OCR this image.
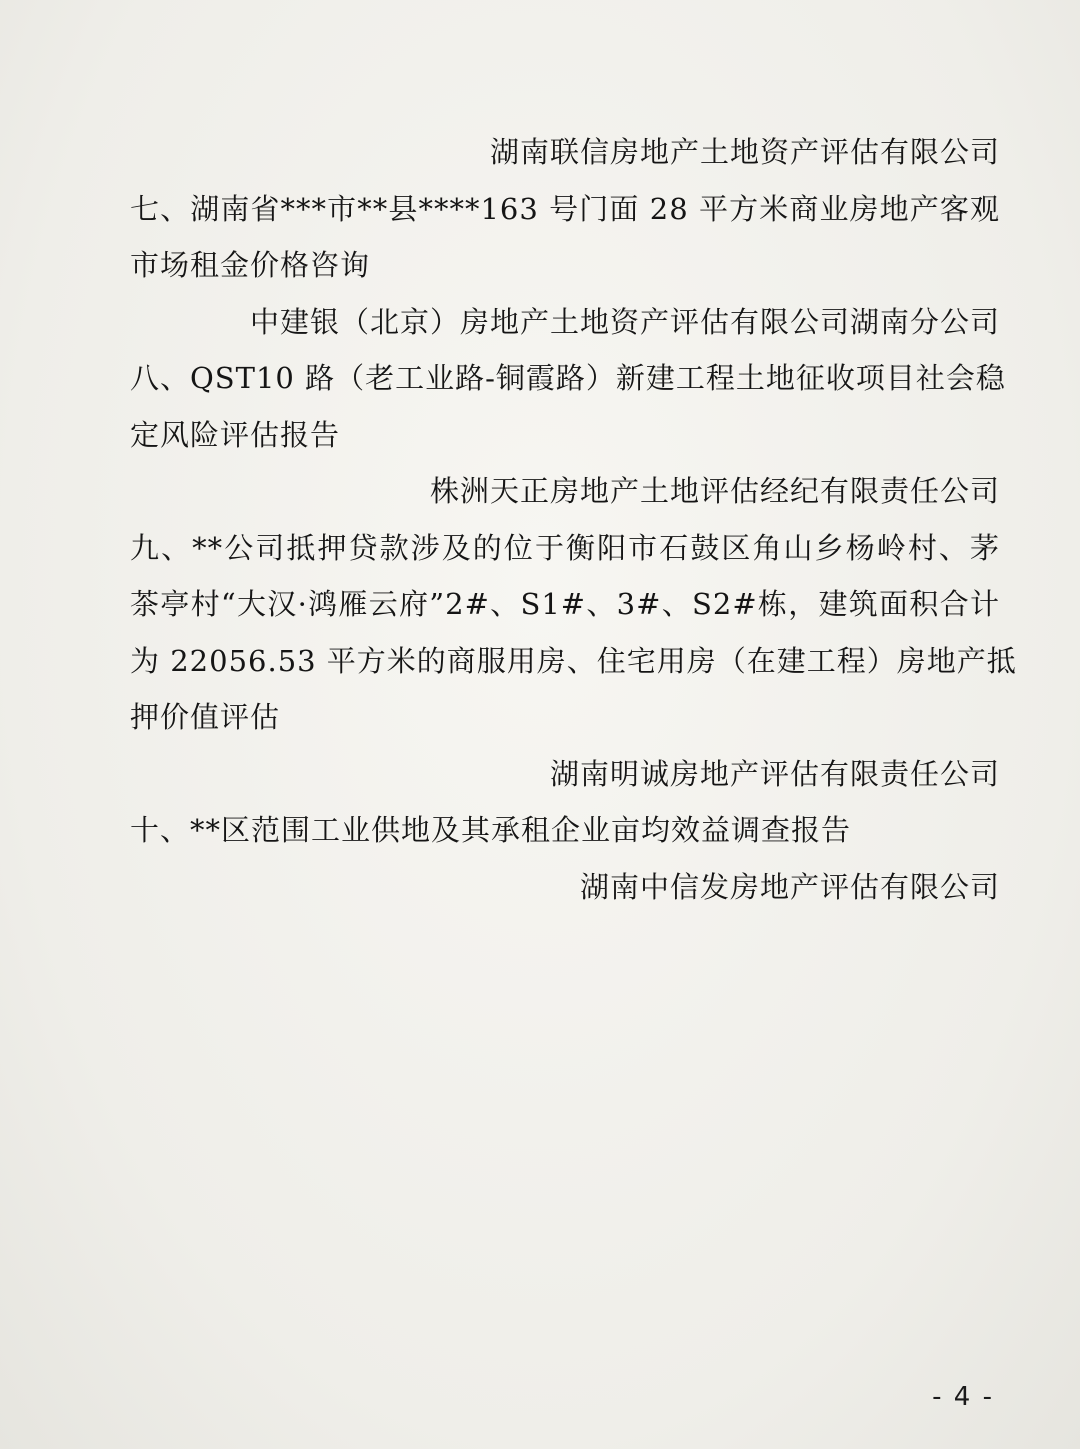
湖南联信房地产土地资产评估有限公司
七、湖南省***市**县****163 号门面 28 平方米商业房地产客观
市场租金价格咨询
中建银（北京）房地产土地资产评估有限公司湖南分公司
八、QST10 路（老工业路-铜霞路）新建工程土地征收项目社会稳
定风险评估报告
株洲天正房地产土地评估经纪有限责任公司
九、**公司抵押贷款涉及的位于衡阳市石鼓区角山乡杨岭村、茅
茶亭村“大汉·鸿雁云府”2#、S1#、3#、S2#栋，建筑面积合计
为 22056.53 平方米的商服用房、住宅用房（在建工程）房地产抵
押价值评估
湖南明诚房地产评估有限责任公司
十、**区范围工业供地及其承租企业亩均效益调查报告
湖南中信发房地产评估有限公司
- 4 -
